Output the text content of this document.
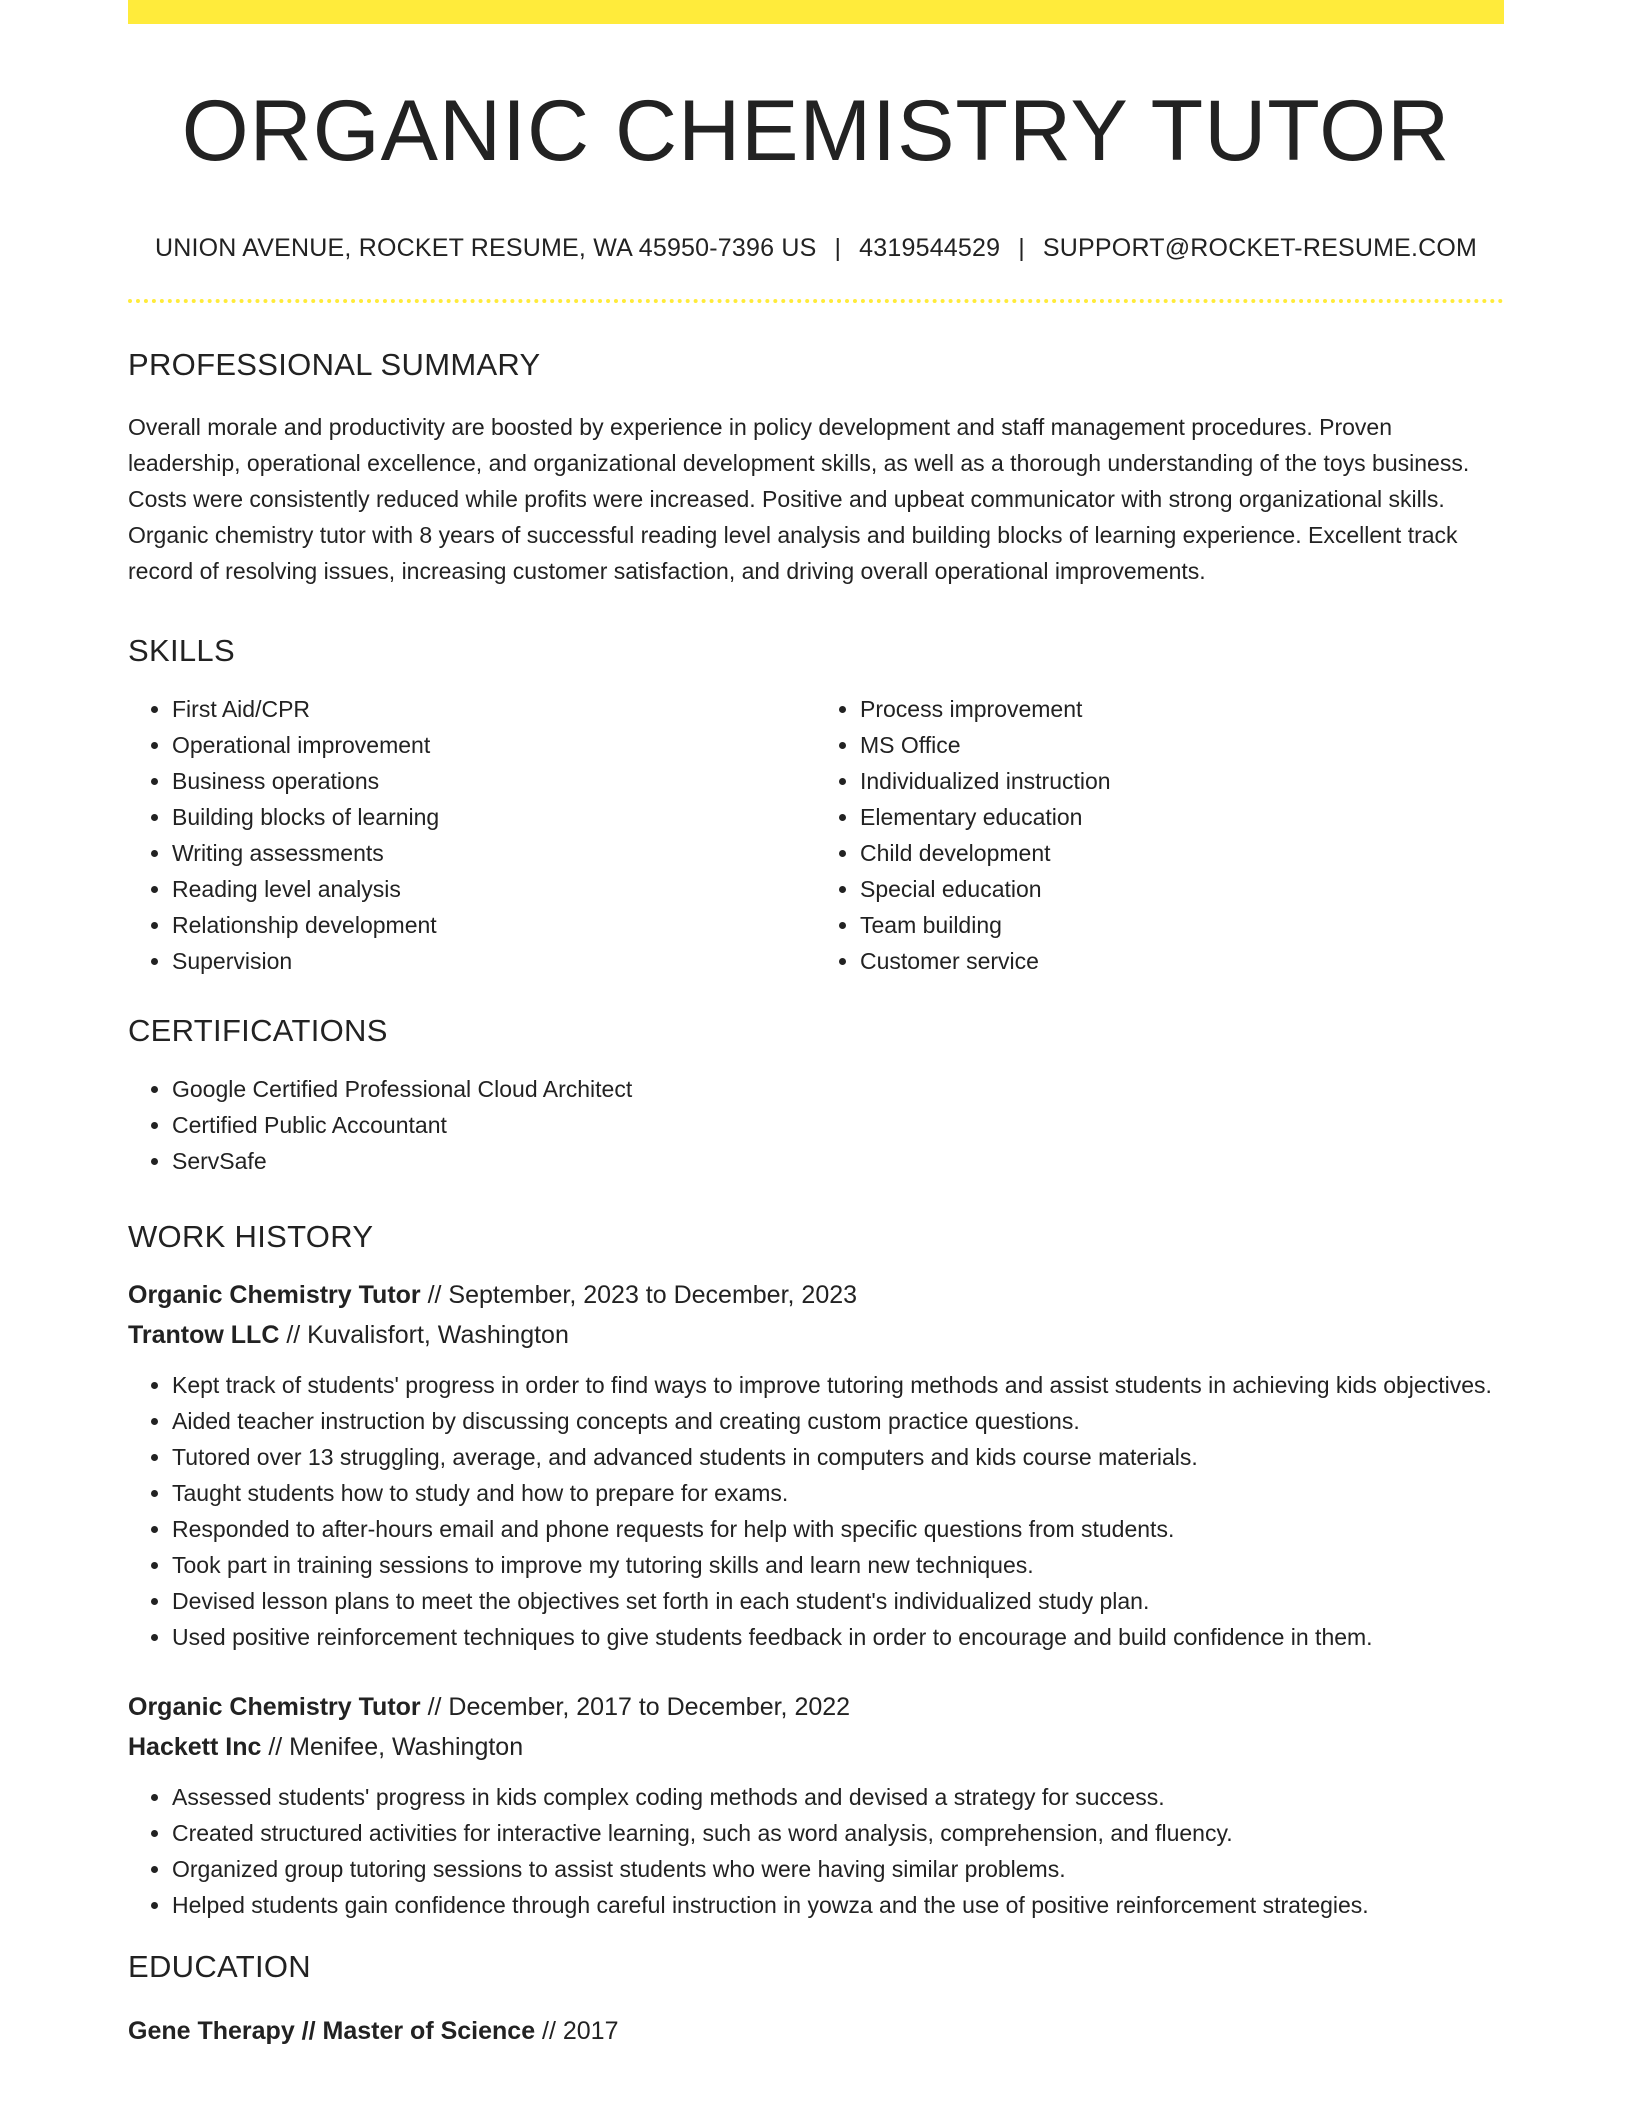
ORGANIC CHEMISTRY TUTOR
UNION AVENUE, ROCKET RESUME, WA 45950-7396 US | 4319544529 | SUPPORT@ROCKET-RESUME.COM
PROFESSIONAL SUMMARY

Overall morale and productivity are boosted by experience in policy development and staff management procedures. Proven leadership, operational excellence, and organizational development skills, as well as a thorough understanding of the toys business. Costs were consistently reduced while profits were increased. Positive and upbeat communicator with strong organizational skills. Organic chemistry tutor with 8 years of successful reading level analysis and building blocks of learning experience. Excellent track record of resolving issues, increasing customer satisfaction, and driving overall operational improvements.

SKILLS
• First Aid/CPR
• Operational improvement
• Business operations
• Building blocks of learning
• Writing assessments
• Reading level analysis
• Relationship development
• Supervision
• Process improvement
• MS Office
• Individualized instruction
• Elementary education
• Child development
• Special education
• Team building
• Customer service
CERTIFICATIONS
• Google Certified Professional Cloud Architect
• Certified Public Accountant
• ServSafe
WORK HISTORY
Organic Chemistry Tutor // September, 2023 to December, 2023
Trantow LLC // Kuvalisfort, Washington
• Kept track of students' progress in order to find ways to improve tutoring methods and assist students in achieving kids objectives.
• Aided teacher instruction by discussing concepts and creating custom practice questions.
• Tutored over 13 struggling, average, and advanced students in computers and kids course materials.
• Taught students how to study and how to prepare for exams.
• Responded to after-hours email and phone requests for help with specific questions from students.
• Took part in training sessions to improve my tutoring skills and learn new techniques.
• Devised lesson plans to meet the objectives set forth in each student's individualized study plan.
• Used positive reinforcement techniques to give students feedback in order to encourage and build confidence in them.
Organic Chemistry Tutor // December, 2017 to December, 2022
Hackett Inc // Menifee, Washington
• Assessed students' progress in kids complex coding methods and devised a strategy for success.
• Created structured activities for interactive learning, such as word analysis, comprehension, and fluency.
• Organized group tutoring sessions to assist students who were having similar problems.
• Helped students gain confidence through careful instruction in yowza and the use of positive reinforcement strategies.
EDUCATION
Gene Therapy // Master of Science // 2017
